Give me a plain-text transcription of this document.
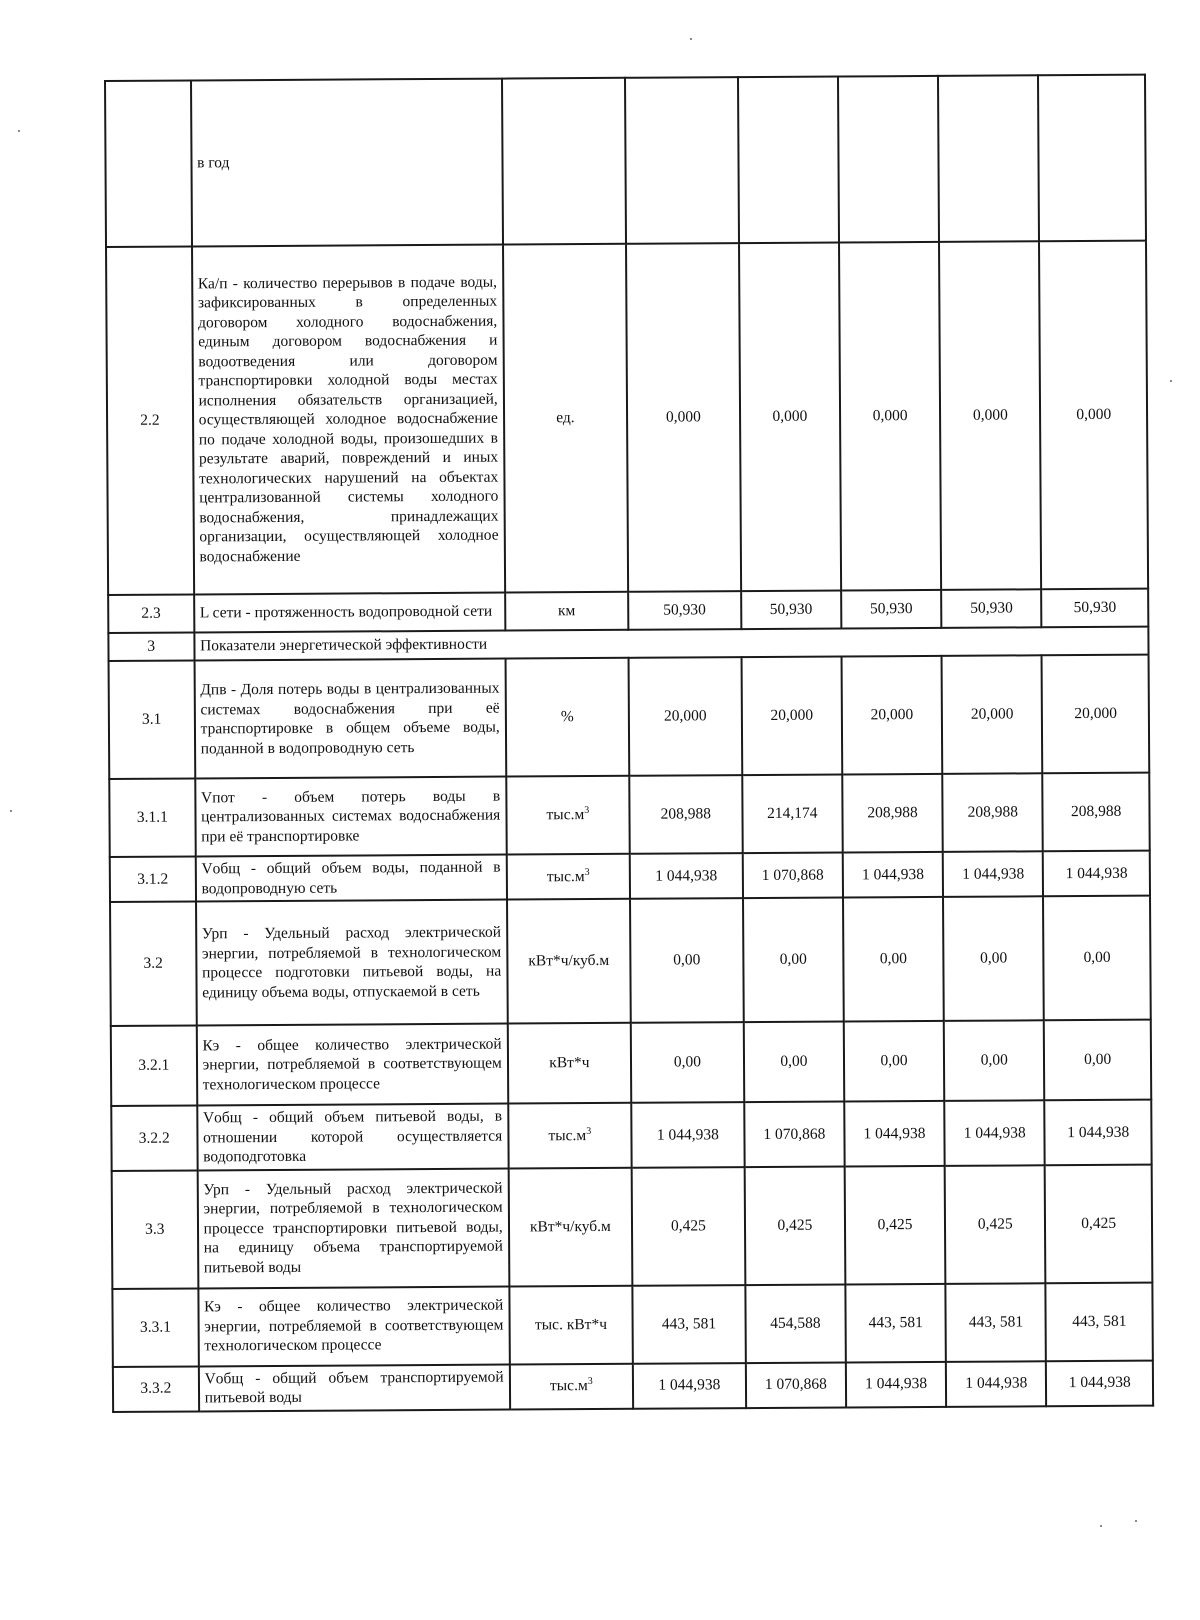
	в год						
2.2	Ка/п - количество перерывов в подаче воды, зафиксированных в определенных договором холодного водоснабжения, единым договором водоснабжения и водоотведения или договором транспортировки холодной воды местах исполнения обязательств организацией, осуществляющей холодное водоснабжение по подаче холодной воды, произошедших в результате аварий, повреждений и иных технологических нарушений на объектах централизованной системы холодного водоснабжения, принадлежащих организации, осуществляющей холодное водоснабжение	ед.	0,000	0,000	0,000	0,000	0,000
2.3	L сети - протяженность водопроводной сети	км	50,930	50,930	50,930	50,930	50,930
3	Показатели энергетической эффективности						
3.1	Дпв - Доля потерь воды в централизованных системах водоснабжения при её транспортировке в общем объеме воды, поданной в водопроводную сеть	%	20,000	20,000	20,000	20,000	20,000
3.1.1	Vпот - объем потерь воды в централизованных системах водоснабжения при её транспортировке	$тыс.м^3$	208,988	214,174	208,988	208,988	208,988
3.1.2	Vобщ - общий объем воды, поданной в водопроводную сеть	$тыс.м^3$	1 044,938	1 070,868	1 044,938	1 044,938	1 044,938
3.2	Урп - Удельный расход электрической энергии, потребляемой в технологическом процессе подготовки питьевой воды, на единицу объема воды, отпускаемой в сеть	кВт*ч/куб.м	0,00	0,00	0,00	0,00	0,00
3.2.1	Кэ - общее количество электрической энергии, потребляемой в соответствующем технологическом процессе	кВт*ч	0,00	0,00	0,00	0,00	0,00
3.2.2	Vобщ - общий объем питьевой воды, в отношении которой осуществляется водоподготовка	$тыс.м^3$	1 044,938	1 070,868	1 044,938	1 044,938	1 044,938
3.3	Урп - Удельный расход электрической энергии, потребляемой в технологическом процессе транспортировки питьевой воды, на единицу объема транспортируемой питьевой воды	кВт*ч/куб.м	0,425	0,425	0,425	0,425	0,425
3.3.1	Кэ - общее количество электрической энергии, потребляемой в соответствующем технологическом процессе	тыс. кВт*ч	443, 581	454,588	443, 581	443, 581	443, 581
3.3.2	Vобщ - общий объем транспортируемой питьевой воды	$тыс.м^3$	1 044,938	1 070,868	1 044,938	1 044,938	1 044,938
